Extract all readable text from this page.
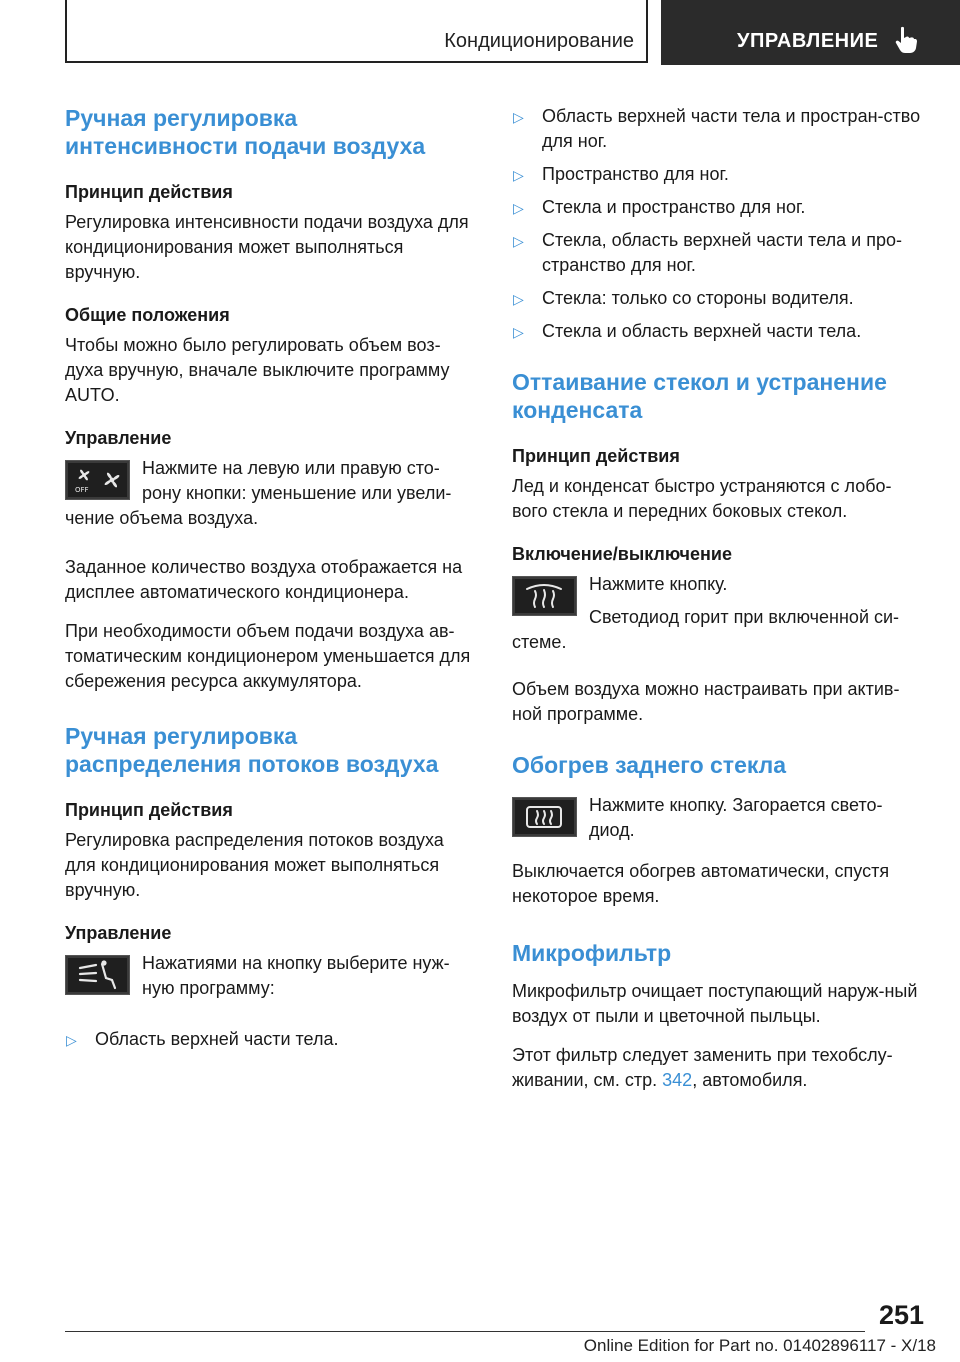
Кондиционирование	УПРАВЛЕНИЕ
Ручная регулировка
интенсивности подачи воздуха
Принцип действия

Регулировка интенсивности подачи воздуха для кондиционирования может выполняться вручную.

Общие положения

Чтобы можно было регулировать объем воз-духа вручную, вначале выключите программу AUTO.

Управление
OFF

Нажмите на левую или правую сто-рону кнопки: уменьшение или увели-чение объема воздуха.

Заданное количество воздуха отображается на дисплее автоматического кондиционера.

При необходимости объем подачи воздуха ав-томатическим кондиционером уменьшается для сбережения ресурса аккумулятора.

Ручная регулировка
распределения потоков воздуха
Принцип действия

Регулировка распределения потоков воздуха для кондиционирования может выполняться вручную.

Управление

Нажатиями на кнопку выберите нуж-ную программу:

▷ Область верхней части тела.
▷ Область верхней части тела и простран-ство для ног.
▷ Пространство для ног.
▷ Стекла и пространство для ног.
▷ Стекла, область верхней части тела и про-странство для ног.
▷ Стекла: только со стороны водителя.
▷ Стекла и область верхней части тела.
Оттаивание стекол и устранение
конденсата
Принцип действия

Лед и конденсат быстро устраняются с лобо-вого стекла и передних боковых стекол.

Включение/выключение

Нажмите кнопку.

Светодиод горит при включенной си-стеме.

Объем воздуха можно настраивать при актив-ной программе.

Обогрев заднего стекла

Нажмите кнопку. Загорается свето-диод.

Выключается обогрев автоматически, спустя некоторое время.

Микрофильтр

Микрофильтр очищает поступающий наруж-ный воздух от пыли и цветочной пыльцы.

Этот фильтр следует заменить при техобслу-живании, см. стр. 342, автомобиля.

251
Online Edition for Part no. 01402896117 - X/18
